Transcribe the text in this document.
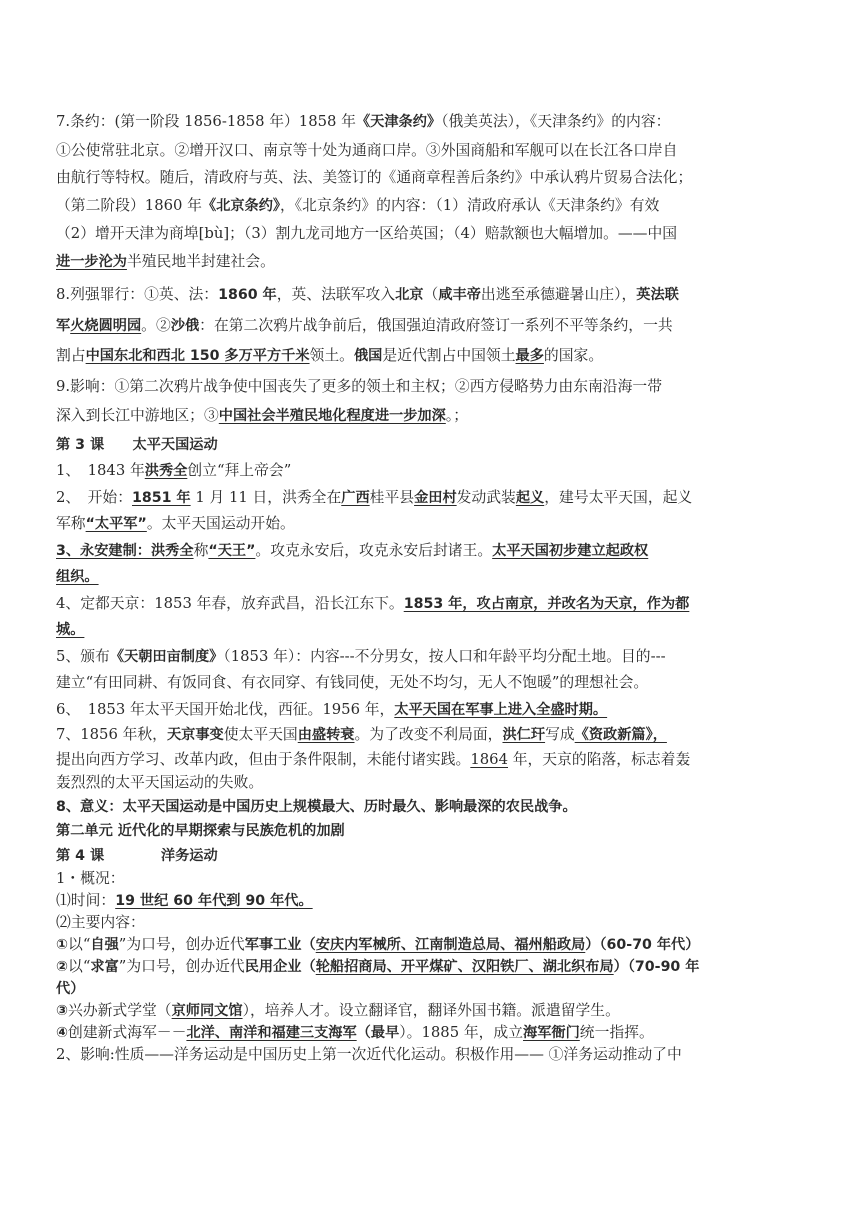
7.条约：(第一阶段 1856-1858 年）1858 年《天津条约》（俄美英法），《天津条约》的内容：

①公使常驻北京。②增开汉口、南京等十处为通商口岸。③外国商船和军舰可以在长江各口岸自

由航行等特权。随后，清政府与英、法、美签订的《通商章程善后条约》中承认鸦片贸易合法化；

（第二阶段）1860 年《北京条约》，《北京条约》的内容：（1）清政府承认《天津条约》有效

（2）增开天津为商埠[bù]；（3）割九龙司地方一区给英国；（4）赔款额也大幅增加。——中国

进一步沦为半殖民地半封建社会。

8.列强罪行：①英、法：1860 年，英、法联军攻入北京（咸丰帝出逃至承德避暑山庄），英法联

军火烧圆明园。②沙俄：在第二次鸦片战争前后，俄国强迫清政府签订一系列不平等条约，一共

割占中国东北和西北 150 多万平方千米领土。俄国是近代割占中国领土最多的国家。

9.影响：①第二次鸦片战争使中国丧失了更多的领土和主权；②西方侵略势力由东南沿海一带

深入到长江中游地区；③中国社会半殖民地化程度进一步加深。；

第 3 课　　太平天国运动

1、　1843 年洪秀全创立“拜上帝会”

2、　开始：1851 年 1 月 11 日，洪秀全在广西桂平县金田村发动武装起义，建号太平天国，起义

军称“太平军”。太平天国运动开始。

3、永安建制：洪秀全称“天王”。攻克永安后，攻克永安后封诸王。太平天国初步建立起政权

组织。

4、定都天京：1853 年春，放弃武昌，沿长江东下。1853 年，攻占南京，并改名为天京，作为都

城。

5、颁布《天朝田亩制度》（1853 年）：内容---不分男女，按人口和年龄平均分配土地。目的---

建立“有田同耕、有饭同食、有衣同穿、有钱同使，无处不均匀，无人不饱暖”的理想社会。

6、　1853 年太平天国开始北伐，西征。1956 年，太平天国在军事上进入全盛时期。

7、1856 年秋，天京事变使太平天国由盛转衰。为了改变不利局面，洪仁玕写成《资政新篇》，

提出向西方学习、改革内政，但由于条件限制，未能付诸实践。1864 年，天京的陷落，标志着轰

轰烈烈的太平天国运动的失败。

8、意义：太平天国运动是中国历史上规模最大、历时最久、影响最深的农民战争。

第二单元 近代化的早期探索与民族危机的加剧

第 4 课　　　　洋务运动

1・概况：

⑴时间：19 世纪 60 年代到 90 年代。

⑵主要内容：

①以“自强”为口号，创办近代军事工业（安庆内军械所、江南制造总局、福州船政局）（60-70 年代）

②以“求富”为口号，创办近代民用企业（轮船招商局、开平煤矿、汉阳铁厂、湖北织布局）（70-90 年

代）

③兴办新式学堂（京师同文馆），培养人才。设立翻译官，翻译外国书籍。派遣留学生。

④创建新式海军－－北洋、南洋和福建三支海军（最早）。1885 年，成立海军衙门统一指挥。

2、影响:性质——洋务运动是中国历史上第一次近代化运动。积极作用—— ①洋务运动推动了中
